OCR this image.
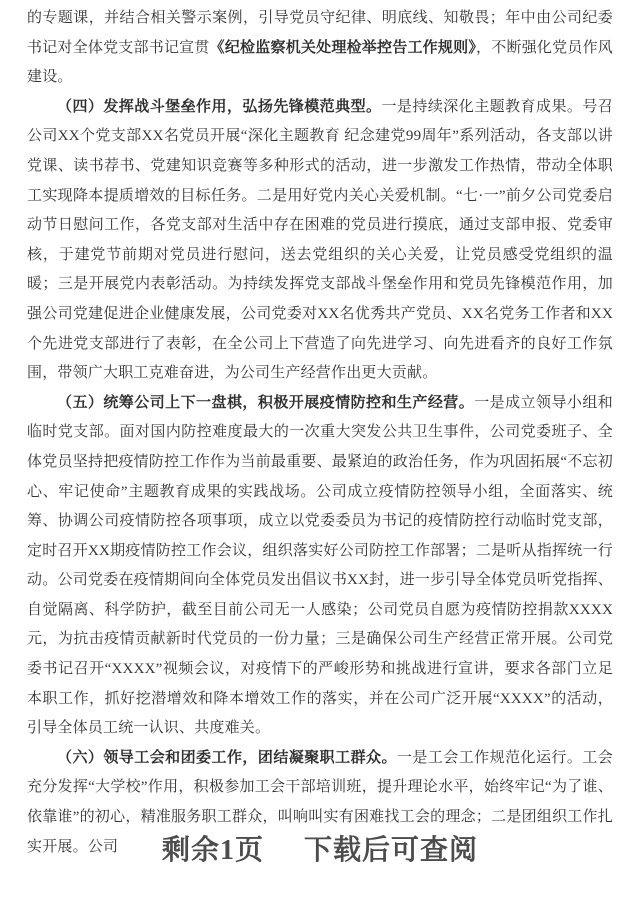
的专题课，并结合相关警示案例，引导党员守纪律、明底线、知敬畏；年中由公司纪委书记对全体党支部书记宣贯《纪检监察机关处理检举控告工作规则》，不断强化党员作风建设。

（四）发挥战斗堡垒作用，弘扬先锋模范典型。一是持续深化主题教育成果。号召公司XX个党支部XX名党员开展“深化主题教育 纪念建党99周年”系列活动，各支部以讲党课、读书荐书、党建知识竞赛等多种形式的活动，进一步激发工作热情，带动全体职工实现降本提质增效的目标任务。二是用好党内关心关爱机制。“七·一”前夕公司党委启动节日慰问工作，各党支部对生活中存在困难的党员进行摸底，通过支部申报、党委审核，于建党节前期对党员进行慰问，送去党组织的关心关爱，让党员感受党组织的温暖；三是开展党内表彰活动。为持续发挥党支部战斗堡垒作用和党员先锋模范作用，加强公司党建促进企业健康发展，公司党委对XX名优秀共产党员、XX名党务工作者和XX个先进党支部进行了表彰，在全公司上下营造了向先进学习、向先进看齐的良好工作氛围，带领广大职工克难奋进，为公司生产经营作出更大贡献。

（五）统筹公司上下一盘棋，积极开展疫情防控和生产经营。一是成立领导小组和临时党支部。面对国内防控难度最大的一次重大突发公共卫生事件，公司党委班子、全体党员坚持把疫情防控工作作为当前最重要、最紧迫的政治任务，作为巩固拓展“不忘初心、牢记使命”主题教育成果的实践战场。公司成立疫情防控领导小组，全面落实、统筹、协调公司疫情防控各项事项，成立以党委委员为书记的疫情防控行动临时党支部，定时召开XX期疫情防控工作会议，组织落实好公司防控工作部署；二是听从指挥统一行动。公司党委在疫情期间向全体党员发出倡议书XX封，进一步引导全体党员听党指挥、自觉隔离、科学防护，截至目前公司无一人感染；公司党员自愿为疫情防控捐款XXXX元，为抗击疫情贡献新时代党员的一份力量；三是确保公司生产经营正常开展。公司党委书记召开“XXXX”视频会议，对疫情下的严峻形势和挑战进行宣讲，要求各部门立足本职工作，抓好挖潜增效和降本增效工作的落实，并在公司广泛开展“XXXX”的活动，引导全体员工统一认识、共度难关。

（六）领导工会和团委工作，团结凝聚职工群众。一是工会工作规范化运行。工会充分发挥“大学校”作用，积极参加工会干部培训班，提升理论水平，始终牢记“为了谁、依靠谁”的初心，精准服务职工群众，叫响叫实有困难找工会的理念；二是团组织工作扎实开展。公司	剩余1页 下载后可查阅
